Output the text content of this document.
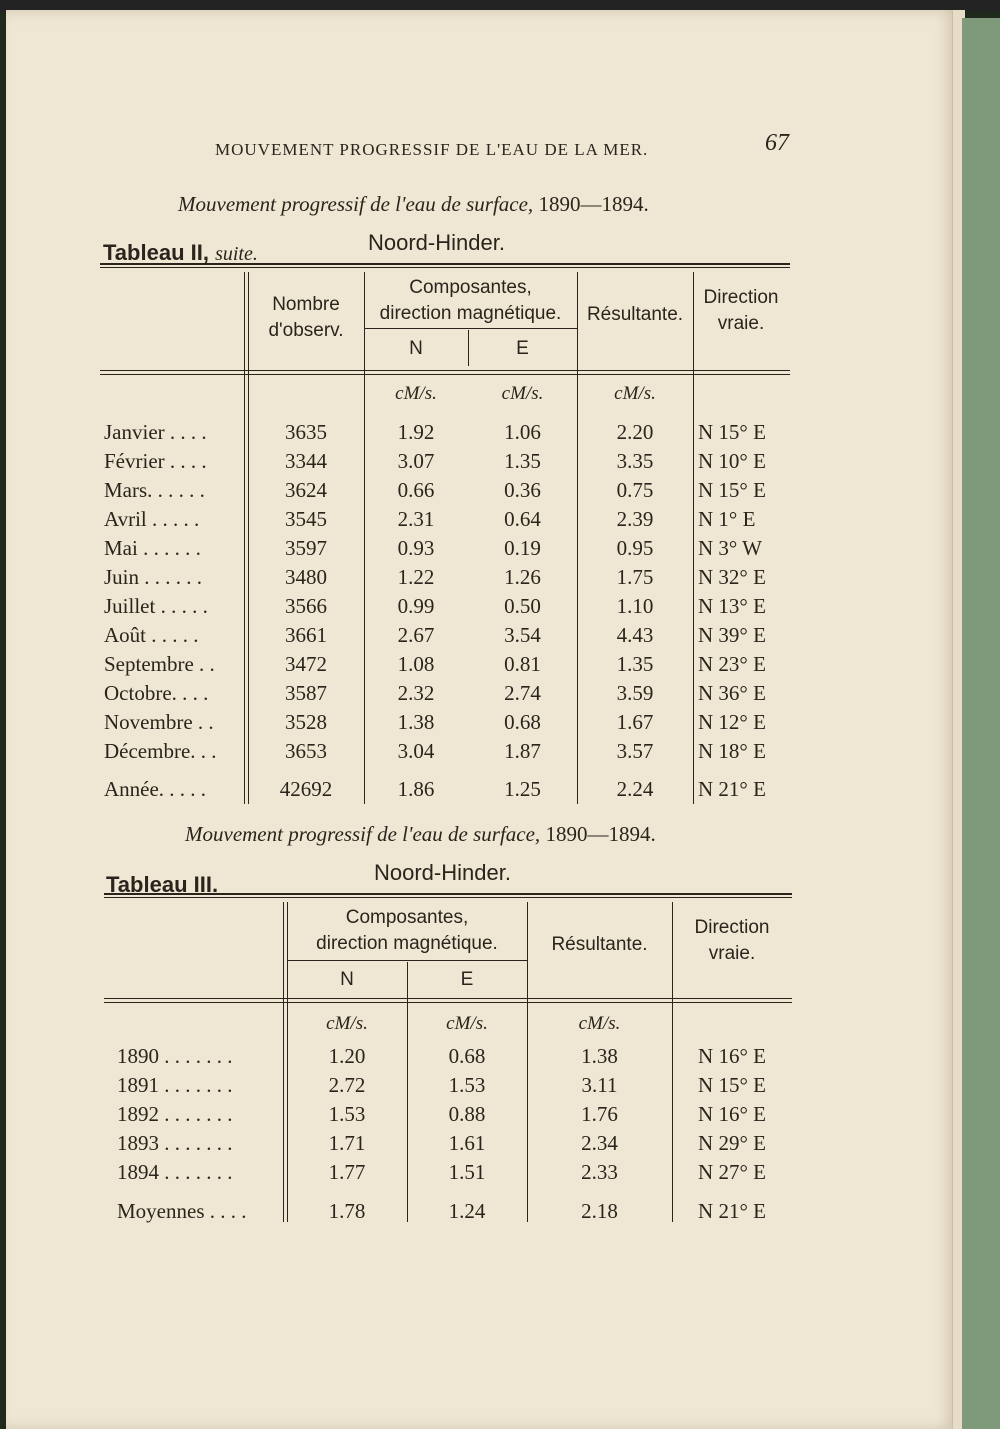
MOUVEMENT PROGRESSIF DE L'EAU DE LA MER.	67
Mouvement progressif de l'eau de surface, 1890—1894.
Tableau II, suite.	Noord-Hinder.
Nombre
d'observ.
Composantes,
direction magnétique.
N	E
Résultante.
Direction
vraie.
cM/s.	cM/s.	cM/s.
Janvier . . . .	3635	1.92	1.06	2.20	N 15° E
Février . . . .	3344	3.07	1.35	3.35	N 10° E
Mars. . . . . .	3624	0.66	0.36	0.75	N 15° E
Avril . . . . .	3545	2.31	0.64	2.39	N 1° E
Mai . . . . . .	3597	0.93	0.19	0.95	N 3° W
Juin . . . . . .	3480	1.22	1.26	1.75	N 32° E
Juillet . . . . .	3566	0.99	0.50	1.10	N 13° E
Août . . . . .	3661	2.67	3.54	4.43	N 39° E
Septembre . .	3472	1.08	0.81	1.35	N 23° E
Octobre. . . .	3587	2.32	2.74	3.59	N 36° E
Novembre . .	3528	1.38	0.68	1.67	N 12° E
Décembre. . .	3653	3.04	1.87	3.57	N 18° E
Année. . . . .	42692	1.86	1.25	2.24	N 21° E
Mouvement progressif de l'eau de surface, 1890—1894.
Tableau III.	Noord-Hinder.
Composantes,
direction magnétique.
N	E
Résultante.
Direction
vraie.
cM/s.	cM/s.	cM/s.
1890 . . . . . . .	1.20	0.68	1.38	N 16° E
1891 . . . . . . .	2.72	1.53	3.11	N 15° E
1892 . . . . . . .	1.53	0.88	1.76	N 16° E
1893 . . . . . . .	1.71	1.61	2.34	N 29° E
1894 . . . . . . .	1.77	1.51	2.33	N 27° E
Moyennes . . . .	1.78	1.24	2.18	N 21° E
